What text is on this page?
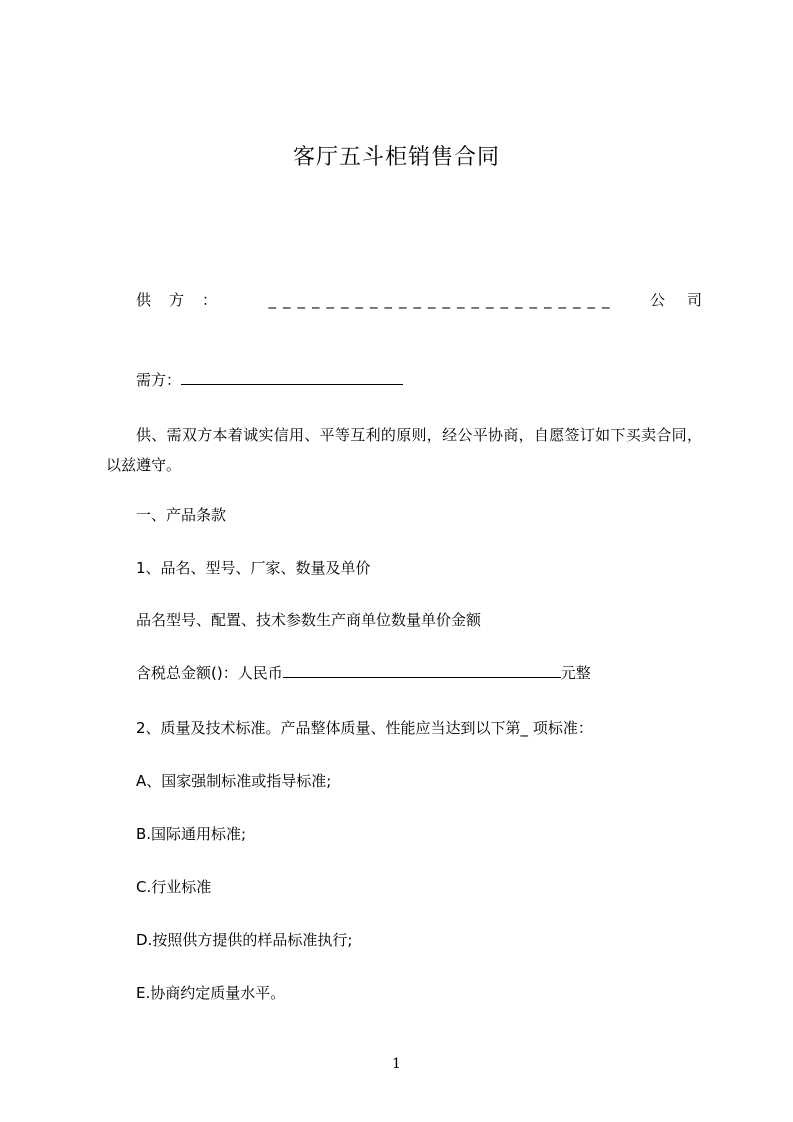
客厅五斗柜销售合同
供方： ________________________ 公司
需方：
供、需双方本着诚实信用、平等互利的原则，经公平协商，自愿签订如下买卖合同，以兹遵守。
一、产品条款
1、品名、型号、厂家、数量及单价
品名型号、配置、技术参数生产商单位数量单价金额
含税总金额()：人民币	元整
2、质量及技术标准。产品整体质量、性能应当达到以下第_ 项标准：
A、国家强制标准或指导标准;
B.国际通用标准;
C.行业标准
D.按照供方提供的样品标准执行;
E.协商约定质量水平。
1
